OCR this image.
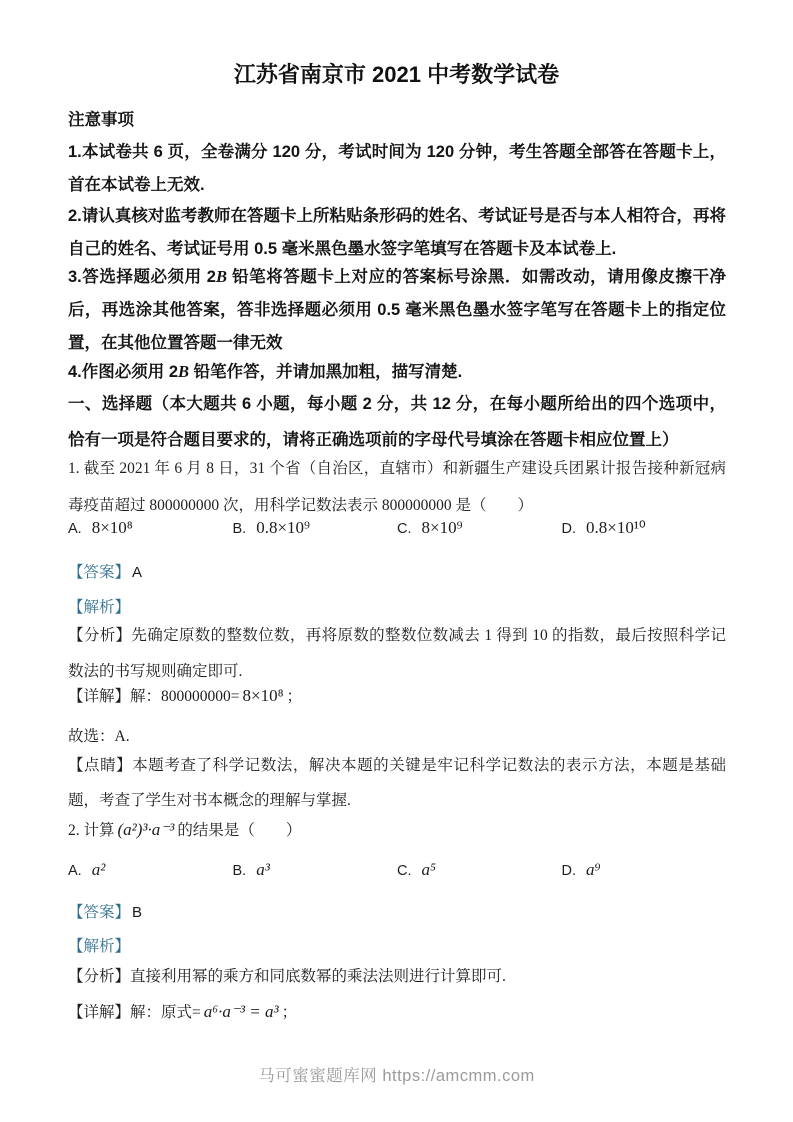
江苏省南京市 2021 中考数学试卷
注意事项
1.本试卷共 6 页，全卷满分 120 分，考试时间为 120 分钟，考生答题全部答在答题卡上，首在本试卷上无效.
2.请认真核对监考教师在答题卡上所粘贴条形码的姓名、考试证号是否与本人相符合，再将自己的姓名、考试证号用 0.5 毫米黑色墨水签字笔填写在答题卡及本试卷上.
3.答选择题必须用 2B 铅笔将答题卡上对应的答案标号涂黑．如需改动，请用像皮擦干净后，再选涂其他答案，答非选择题必须用 0.5 毫米黑色墨水签字笔写在答题卡上的指定位置，在其他位置答题一律无效
4.作图必须用 2B 铅笔作答，并请加黑加粗，描写清楚.
一、选择题（本大题共 6 小题，每小题 2 分，共 12 分，在每小题所给出的四个选项中，恰有一项是符合题目要求的，请将正确选项前的字母代号填涂在答题卡相应位置上）
1. 截至 2021 年 6 月 8 日，31 个省（自治区，直辖市）和新疆生产建设兵团累计报告接种新冠病毒疫苗超过 800000000 次，用科学记数法表示 800000000 是（　　）
A. 8×10⁸	B. 0.8×10⁹	C. 8×10⁹	D. 0.8×10¹⁰
【答案】 A
【解析】
【分析】先确定原数的整数位数，再将原数的整数位数减去 1 得到 10 的指数，最后按照科学记数法的书写规则确定即可.
【详解】解：800000000= 8×10⁸ ；
故选：A.
【点睛】本题考查了科学记数法，解决本题的关键是牢记科学记数法的表示方法，本题是基础题，考查了学生对书本概念的理解与掌握.
2. 计算 (a²)³·a⁻³ 的结果是（　　）
A. a²	B. a³	C. a⁵	D. a⁹
【答案】 B
【解析】
【分析】直接利用幂的乘方和同底数幂的乘法法则进行计算即可.
【详解】解：原式= a⁶·a⁻³ = a³ ；
马可蜜蜜题库网 https://amcmm.com
